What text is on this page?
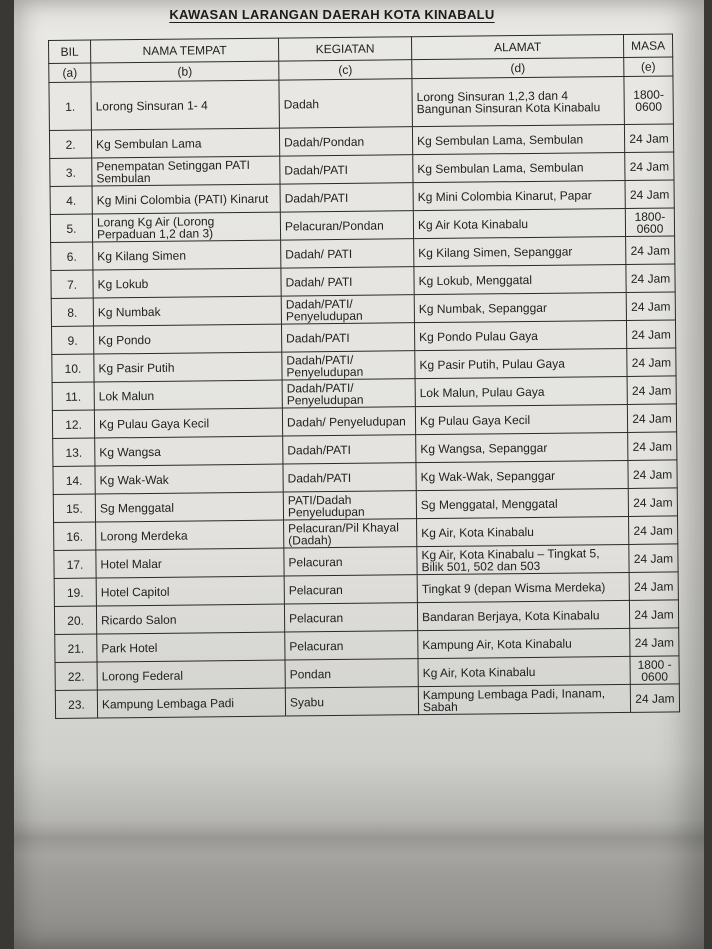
KAWASAN LARANGAN DAERAH KOTA KINABALU
BIL	NAMA TEMPAT	KEGIATAN	ALAMAT	MASA
(a)	(b)	(c)	(d)	(e)
1.	Lorong Sinsuran 1- 4	Dadah	Lorong Sinsuran 1,2,3 dan 4 Bangunan Sinsuran Kota Kinabalu	1800-0600
2.	Kg Sembulan Lama	Dadah/Pondan	Kg Sembulan Lama, Sembulan	24 Jam
3.	Penempatan Setinggan PATI Sembulan	Dadah/PATI	Kg Sembulan Lama, Sembulan	24 Jam
4.	Kg Mini Colombia (PATI) Kinarut	Dadah/PATI	Kg Mini Colombia Kinarut, Papar	24 Jam
5.	Lorang Kg Air (Lorong Perpaduan 1,2 dan 3)	Pelacuran/Pondan	Kg Air Kota Kinabalu	1800-0600
6.	Kg Kilang Simen	Dadah/ PATI	Kg Kilang Simen, Sepanggar	24 Jam
7.	Kg Lokub	Dadah/ PATI	Kg Lokub, Menggatal	24 Jam
8.	Kg Numbak	Dadah/PATI/ Penyeludupan	Kg Numbak, Sepanggar	24 Jam
9.	Kg Pondo	Dadah/PATI	Kg Pondo Pulau Gaya	24 Jam
10.	Kg Pasir Putih	Dadah/PATI/ Penyeludupan	Kg Pasir Putih, Pulau Gaya	24 Jam
11.	Lok Malun	Dadah/PATI/ Penyeludupan	Lok Malun, Pulau Gaya	24 Jam
12.	Kg Pulau Gaya Kecil	Dadah/ Penyeludupan	Kg Pulau Gaya Kecil	24 Jam
13.	Kg Wangsa	Dadah/PATI	Kg Wangsa, Sepanggar	24 Jam
14.	Kg Wak-Wak	Dadah/PATI	Kg Wak-Wak, Sepanggar	24 Jam
15.	Sg Menggatal	PATI/Dadah Penyeludupan	Sg Menggatal, Menggatal	24 Jam
16.	Lorong Merdeka	Pelacuran/Pil Khayal (Dadah)	Kg Air, Kota Kinabalu	24 Jam
17.	Hotel Malar	Pelacuran	Kg Air, Kota Kinabalu – Tingkat 5, Bilik 501, 502 dan 503	24 Jam
19.	Hotel Capitol	Pelacuran	Tingkat 9 (depan Wisma Merdeka)	24 Jam
20.	Ricardo Salon	Pelacuran	Bandaran Berjaya, Kota Kinabalu	24 Jam
21.	Park Hotel	Pelacuran	Kampung Air, Kota Kinabalu	24 Jam
22.	Lorong Federal	Pondan	Kg Air, Kota Kinabalu	1800 - 0600
23.	Kampung Lembaga Padi	Syabu	Kampung Lembaga Padi, Inanam, Sabah	24 Jam
